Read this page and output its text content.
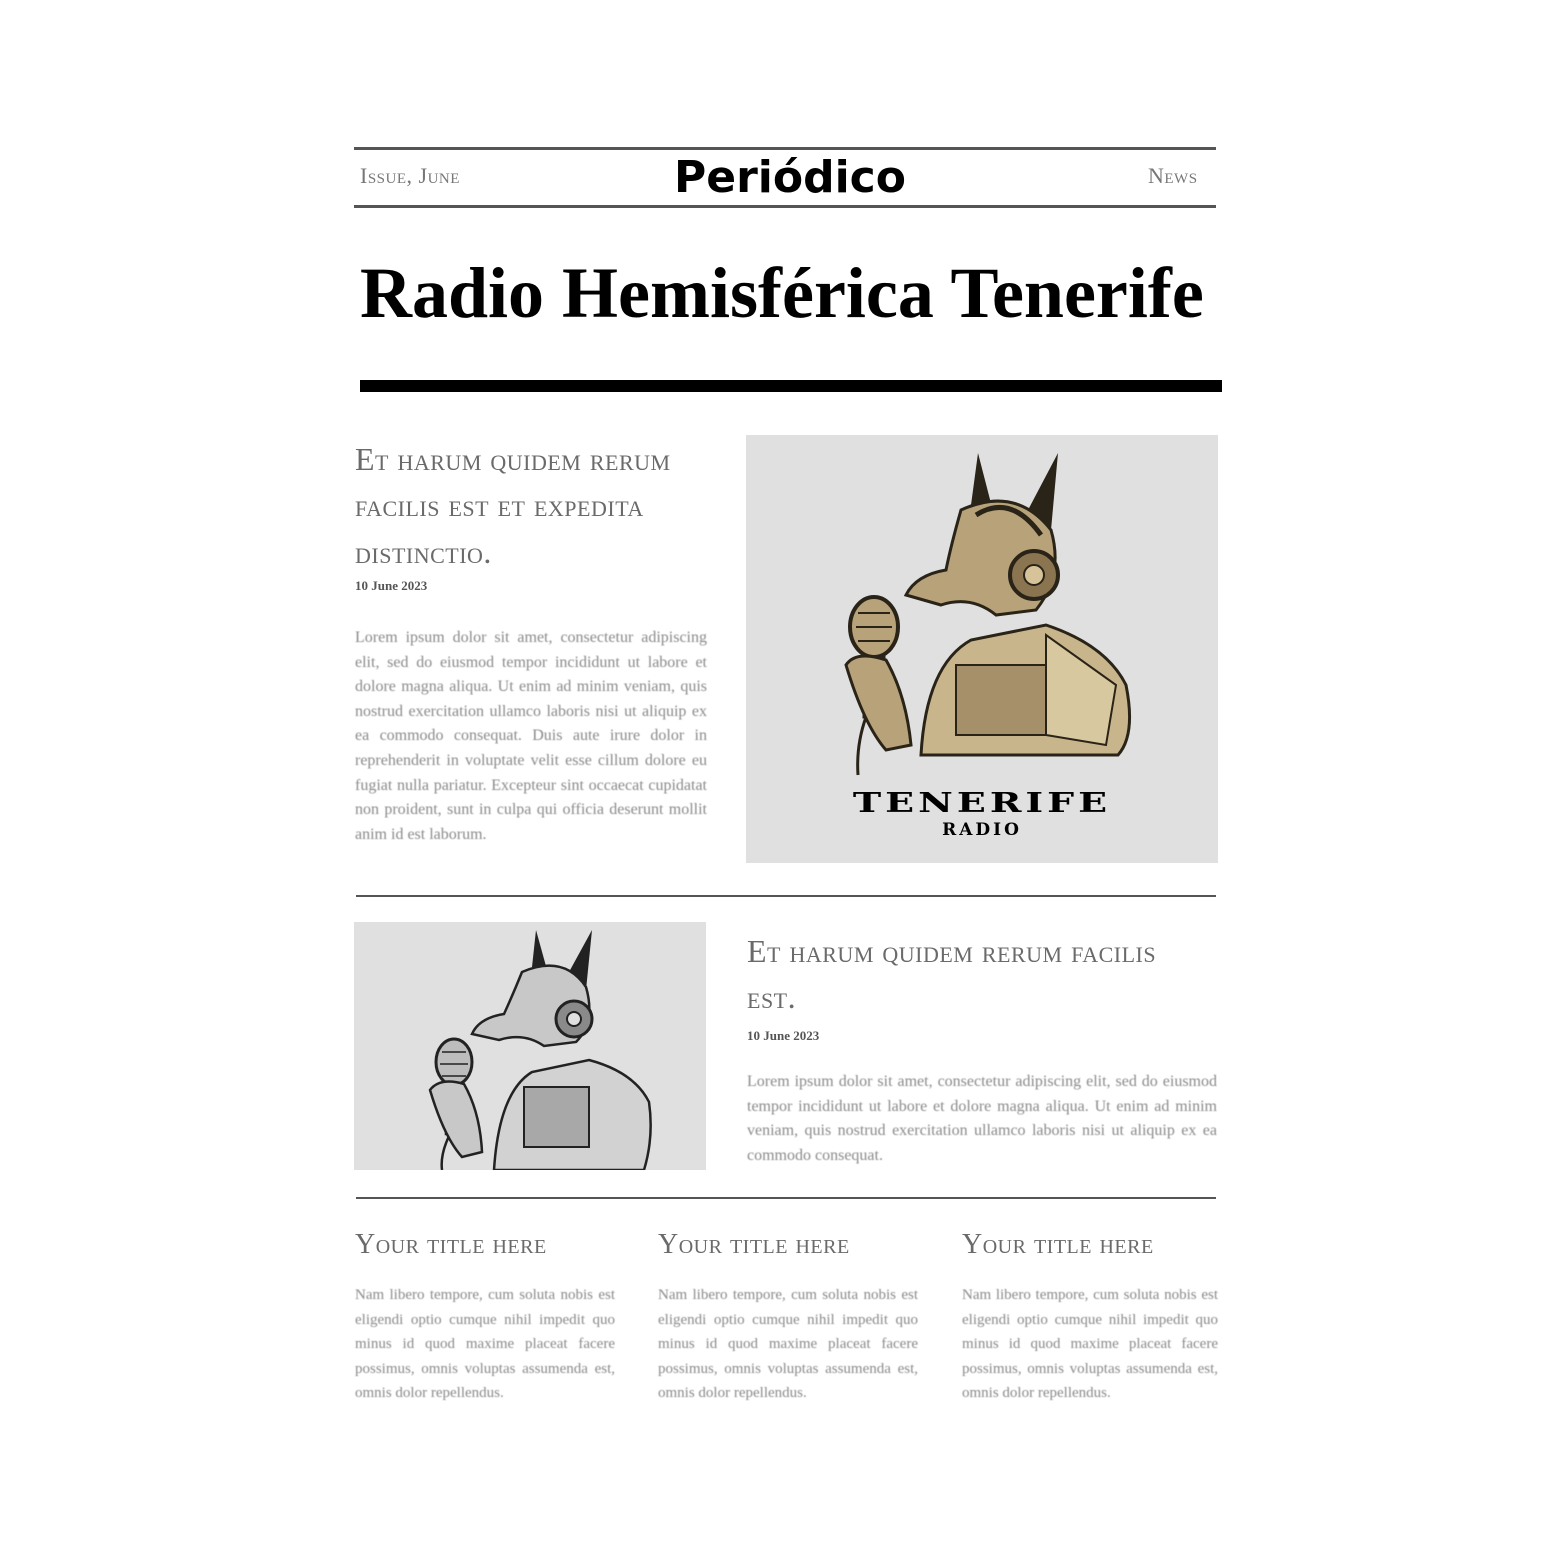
Issue, June	Periódico	News
Radio Hemisférica Tenerife
Et harum quidem rerum facilis est et expedita distinctio.
10 June 2023
Lorem ipsum dolor sit amet, consectetur adipiscing elit, sed do eiusmod tempor incididunt ut labore et dolore magna aliqua. Ut enim ad minim veniam, quis nostrud exercitation ullamco laboris nisi ut aliquip ex ea commodo consequat. Duis aute irure dolor in reprehenderit in voluptate velit esse cillum dolore eu fugiat nulla pariatur. Excepteur sint occaecat cupidatat non proident, sunt in culpa qui officia deserunt mollit anim id est laborum.
TENERIFE
RADIO
Et harum quidem rerum facilis est.
10 June 2023
Lorem ipsum dolor sit amet, consectetur adipiscing elit, sed do eiusmod tempor incididunt ut labore et dolore magna aliqua. Ut enim ad minim veniam, quis nostrud exercitation ullamco laboris nisi ut aliquip ex ea commodo consequat.
Your title here
Nam libero tempore, cum soluta nobis est eligendi optio cumque nihil impedit quo minus id quod maxime placeat facere possimus, omnis voluptas assumenda est, omnis dolor repellendus.
Your title here
Nam libero tempore, cum soluta nobis est eligendi optio cumque nihil impedit quo minus id quod maxime placeat facere possimus, omnis voluptas assumenda est, omnis dolor repellendus.
Your title here
Nam libero tempore, cum soluta nobis est eligendi optio cumque nihil impedit quo minus id quod maxime placeat facere possimus, omnis voluptas assumenda est, omnis dolor repellendus.
